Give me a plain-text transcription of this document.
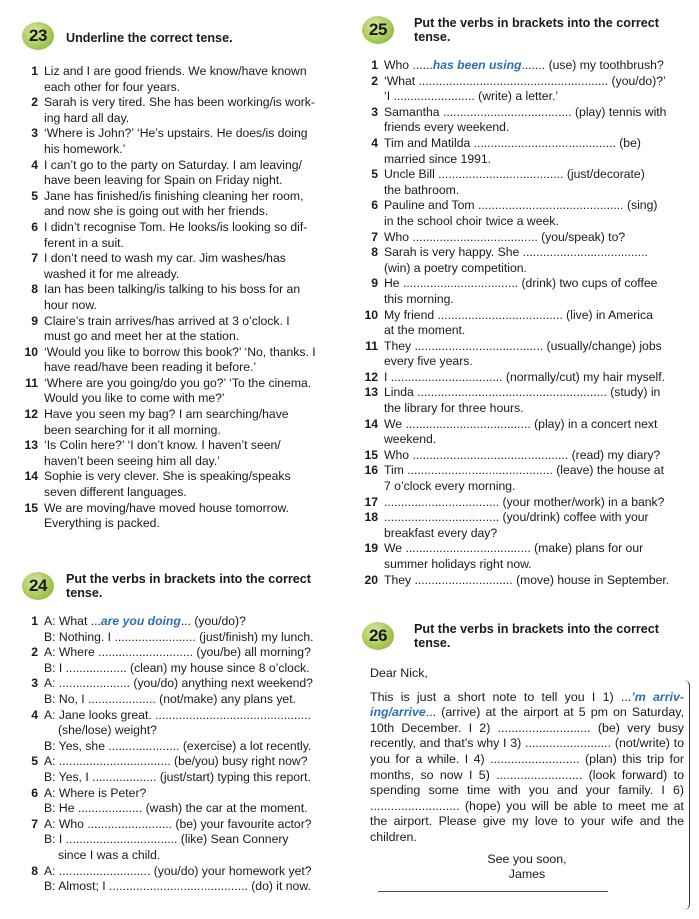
23	Underline the correct tense.
1 Liz and I are good friends. We know/have known
each other for four years.
2 Sarah is very tired. She has been working/is work-
ing hard all day.
3 ‘Where is John?’ ‘He’s upstairs. He does/is doing
his homework.’
4 I can’t go to the party on Saturday. I am leaving/
have been leaving for Spain on Friday night.
5 Jane has finished/is finishing cleaning her room,
and now she is going out with her friends.
6 I didn’t recognise Tom. He looks/is looking so dif-
ferent in a suit.
7 I don’t need to wash my car. Jim washes/has
washed it for me already.
8 Ian has been talking/is talking to his boss for an
hour now.
9 Claire’s train arrives/has arrived at 3 o’clock. I
must go and meet her at the station.
10 ‘Would you like to borrow this book?’ ‘No, thanks. I
have read/have been reading it before.’
11 ‘Where are you going/do you go?’ ‘To the cinema.
Would you like to come with me?’
12 Have you seen my bag? I am searching/have
been searching for it all morning.
13 ‘Is Colin here?’ ‘I don’t know. I haven’t seen/
haven’t been seeing him all day.’
14 Sophie is very clever. She is speaking/speaks
seven different languages.
15 We are moving/have moved house tomorrow.
Everything is packed.
24	Put the verbs in brackets into the correct
tense.
1 A: What ...are you doing... (you/do)?
B: Nothing. I ........................ (just/finish) my lunch.
2 A: Where ............................ (you/be) all morning?
B: I .................. (clean) my house since 8 o’clock.
3 A: ..................... (you/do) anything next weekend?
B: No, I .................... (not/make) any plans yet.
4 A: Jane looks great. ..............................................
(she/lose) weight?
B: Yes, she ..................... (exercise) a lot recently.
5 A: ................................. (be/you) busy right now?
B: Yes, I ................... (just/start) typing this report.
6 A: Where is Peter?
B: He ................... (wash) the car at the moment.
7 A: Who ......................... (be) your favourite actor?
B: I ................................. (like) Sean Connery
since I was a child.
8 A: ........................... (you/do) your homework yet?
B: Almost; I ......................................... (do) it now.
25	Put the verbs in brackets into the correct
tense.
1 Who ......has been using....... (use) my toothbrush?
2 ‘What ........................................................ (you/do)?’
‘I ........................ (write) a letter.’
3 Samantha ...................................... (play) tennis with
friends every weekend.
4 Tim and Matilda .......................................... (be)
married since 1991.
5 Uncle Bill ..................................... (just/decorate)
the bathroom.
6 Pauline and Tom ........................................... (sing)
in the school choir twice a week.
7 Who ..................................... (you/speak) to?
8 Sarah is very happy. She .....................................
(win) a poetry competition.
9 He .................................. (drink) two cups of coffee
this morning.
10 My friend ..................................... (live) in America
at the moment.
11 They ...................................... (usually/change) jobs
every five years.
12 I ................................. (normally/cut) my hair myself.
13 Linda ........................................................ (study) in
the library for three hours.
14 We ..................................... (play) in a concert next
weekend.
15 Who .............................................. (read) my diary?
16 Tim ........................................... (leave) the house at
7 o’clock every morning.
17 .................................. (your mother/work) in a bank?
18 .................................. (you/drink) coffee with your
breakfast every day?
19 We ..................................... (make) plans for our
summer holidays right now.
20 They ............................. (move) house in September.
26	Put the verbs in brackets into the correct
tense.
Dear Nick,
This is just a short note to tell you I 1) ...’m arriv-ing/arrive... (arrive) at the airport at 5 pm on Saturday, 10th December. I 2) ........................... (be) very busy recently, and that’s why I 3) ......................... (not/write) to you for a while. I 4) .......................... (plan) this trip for months, so now I 5) ......................... (look forward) to spending some time with you and your family. I 6) .......................... (hope) you will be able to meet me at the airport. Please give my love to your wife and the children.
See you soon,
James
